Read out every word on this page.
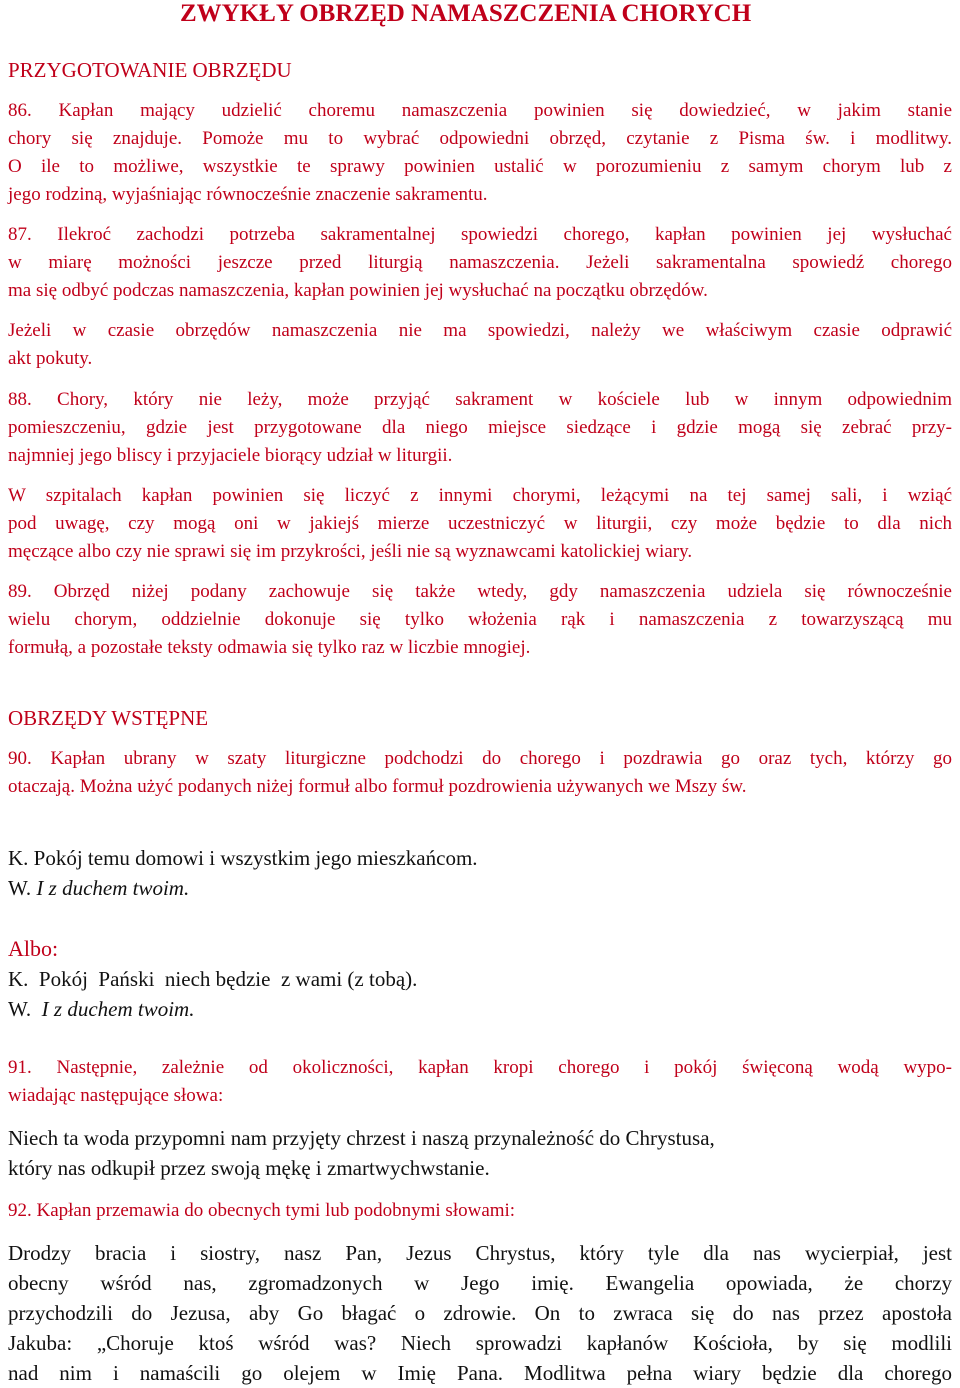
ZWYKŁY OBRZĘD NAMASZCZENIA CHORYCH
PRZYGOTOWANIE OBRZĘDU
86. Kapłan mający udzielić choremu namaszczenia powinien się dowiedzieć, w jakim stanie
chory się znajduje. Pomoże mu to wybrać odpowiedni obrzęd, czytanie z Pisma św. i modlitwy.
O ile to możliwe, wszystkie te sprawy powinien ustalić w porozumieniu z samym chorym lub z
jego rodziną, wyjaśniając równocześnie znaczenie sakramentu.
87. Ilekroć zachodzi potrzeba sakramentalnej spowiedzi chorego, kapłan powinien jej wysłuchać
w miarę możności jeszcze przed liturgią namaszczenia. Jeżeli sakramentalna spowiedź chorego
ma się odbyć podczas namaszczenia, kapłan powinien jej wysłuchać na początku obrzędów.
Jeżeli w czasie obrzędów namaszczenia nie ma spowiedzi, należy we właściwym czasie odprawić
akt pokuty.
88. Chory, który nie leży, może przyjąć sakrament w kościele lub w innym odpowiednim
pomieszczeniu, gdzie jest przygotowane dla niego miejsce siedzące i gdzie mogą się zebrać przy-
najmniej jego bliscy i przyjaciele biorący udział w liturgii.
W szpitalach kapłan powinien się liczyć z innymi chorymi, leżącymi na tej samej sali, i wziąć
pod uwagę, czy mogą oni w jakiejś mierze uczestniczyć w liturgii, czy może będzie to dla nich
męczące albo czy nie sprawi się im przykrości, jeśli nie są wyznawcami katolickiej wiary.
89. Obrzęd niżej podany zachowuje się także wtedy, gdy namaszczenia udziela się równocześnie
wielu chorym, oddzielnie dokonuje się tylko włożenia rąk i namaszczenia z towarzyszącą mu
formułą, a pozostałe teksty odmawia się tylko raz w liczbie mnogiej.
OBRZĘDY WSTĘPNE
90. Kapłan ubrany w szaty liturgiczne podchodzi do chorego i pozdrawia go oraz tych, którzy go
otaczają. Można użyć podanych niżej formuł albo formuł pozdrowienia używanych we Mszy św.
K. Pokój temu domowi i wszystkim jego mieszkańcom.
W. I z duchem twoim.
Albo:
K.  Pokój  Pański  niech będzie  z wami (z tobą).
W.  I z duchem twoim.
91. Następnie, zależnie od okoliczności, kapłan kropi chorego i pokój święconą wodą wypo-
wiadając następujące słowa:
Niech ta woda przypomni nam przyjęty chrzest i naszą przynależność do Chrystusa,
który nas odkupił przez swoją mękę i zmartwychwstanie.
92. Kapłan przemawia do obecnych tymi lub podobnymi słowami:
Drodzy bracia i siostry, nasz Pan, Jezus Chrystus, który tyle dla nas wycierpiał, jest
obecny wśród nas, zgromadzonych w Jego imię. Ewangelia opowiada, że chorzy
przychodzili do Jezusa, aby Go błagać o zdrowie. On to zwraca się do nas przez apostoła
Jakuba: „Choruje ktoś wśród was? Niech sprowadzi kapłanów Kościoła, by się modlili
nad nim i namaścili go olejem w Imię Pana. Modlitwa pełna wiary będzie dla chorego
